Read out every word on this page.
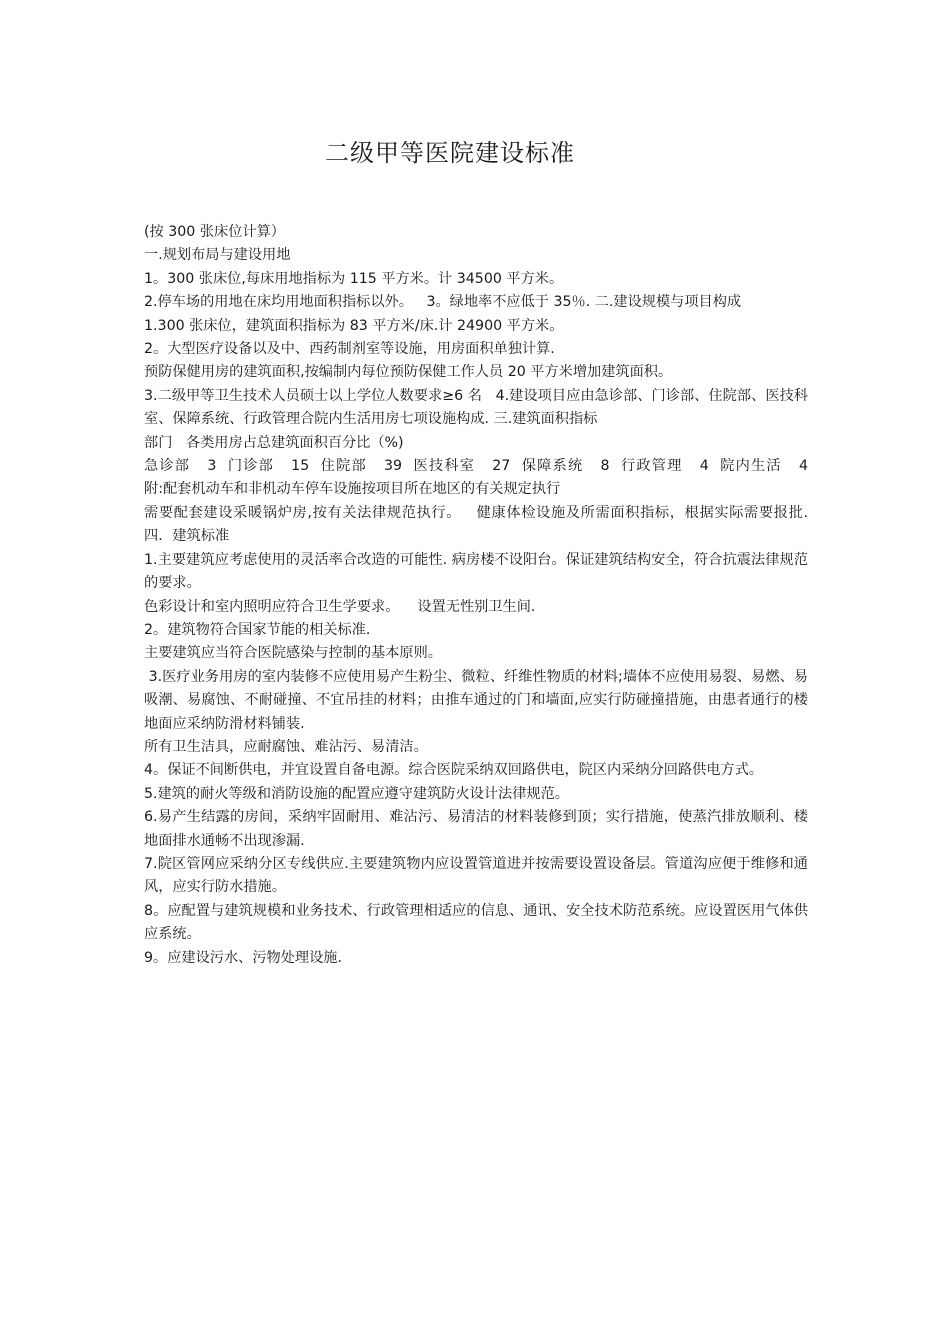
二级甲等医院建设标准

(按 300 张床位计算）

一.规划布局与建设用地

1。300 张床位,每床用地指标为 115 平方米。计 34500 平方米。

2.停车场的用地在床均用地面积指标以外。   3。绿地率不应低于 35％. 二.建设规模与项目构成

1.300 张床位，建筑面积指标为 83 平方米/床.计 24900 平方米。

2。大型医疗设备以及中、西药制剂室等设施，用房面积单独计算.

预防保健用房的建筑面积,按编制内每位预防保健工作人员 20 平方米增加建筑面积。

3.二级甲等卫生技术人员硕士以上学位人数要求≥6 名   4.建设项目应由急诊部、门诊部、住院部、医技科室、保障系统、行政管理合院内生活用房七项设施构成. 三.建筑面积指标

部门   各类用房占总建筑面积百分比（%)

急诊部   3  门诊部   15  住院部   39  医技科室   27  保障系统   8  行政管理   4  院内生活   4

附:配套机动车和非机动车停车设施按项目所在地区的有关规定执行

需要配套建设采暖锅炉房,按有关法律规范执行。   健康体检设施及所需面积指标，根据实际需要报批. 四．建筑标准

1.主要建筑应考虑使用的灵活率合改造的可能性. 病房楼不设阳台。保证建筑结构安全，符合抗震法律规范的要求。

色彩设计和室内照明应符合卫生学要求。    设置无性别卫生间.

2。建筑物符合国家节能的相关标准.

主要建筑应当符合医院感染与控制的基本原则。

3.医疗业务用房的室内装修不应使用易产生粉尘、微粒、纤维性物质的材料;墙体不应使用易裂、易燃、易吸潮、易腐蚀、不耐碰撞、不宜吊挂的材料；由推车通过的门和墙面,应实行防碰撞措施，由患者通行的楼地面应采纳防滑材料铺装.

所有卫生洁具，应耐腐蚀、难沾污、易清洁。

4。保证不间断供电，并宜设置自备电源。综合医院采纳双回路供电，院区内采纳分回路供电方式。

5.建筑的耐火等级和消防设施的配置应遵守建筑防火设计法律规范。

6.易产生结露的房间，采纳牢固耐用、难沾污、易清洁的材料装修到顶；实行措施，使蒸汽排放顺利、楼地面排水通畅不出现渗漏.

7.院区管网应采纳分区专线供应.主要建筑物内应设置管道进并按需要设置设备层。管道沟应便于维修和通风，应实行防水措施。

8。应配置与建筑规模和业务技术、行政管理相适应的信息、通讯、安全技术防范系统。应设置医用气体供应系统。

9。应建设污水、污物处理设施.
